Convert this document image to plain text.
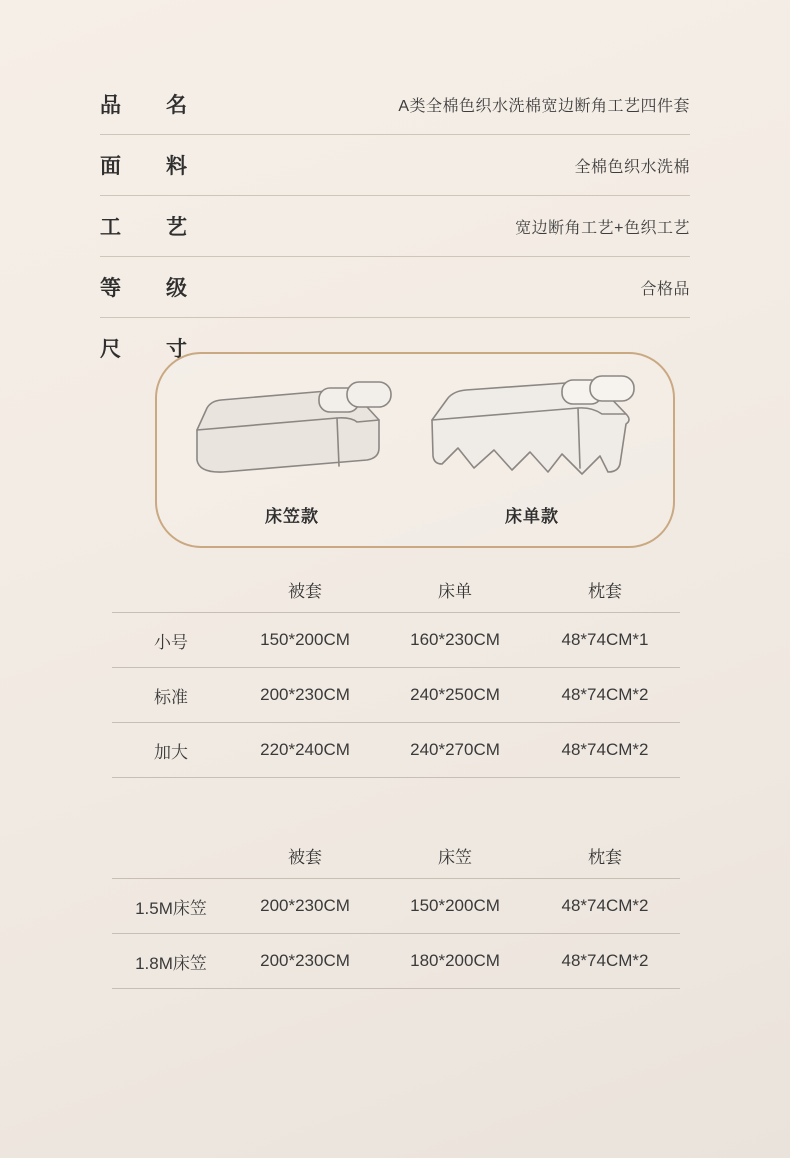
品　名	A类全棉色织水洗棉宽边断角工艺四件套
面　料	全棉色织水洗棉
工　艺	宽边断角工艺+色织工艺
等　级	合格品
尺　寸
床笠款	床单款
	被套	床单	枕套
小号	150*200CM	160*230CM	48*74CM*1
标准	200*230CM	240*250CM	48*74CM*2
加大	220*240CM	240*270CM	48*74CM*2
	被套	床笠	枕套
1.5M床笠	200*230CM	150*200CM	48*74CM*2
1.8M床笠	200*230CM	180*200CM	48*74CM*2
